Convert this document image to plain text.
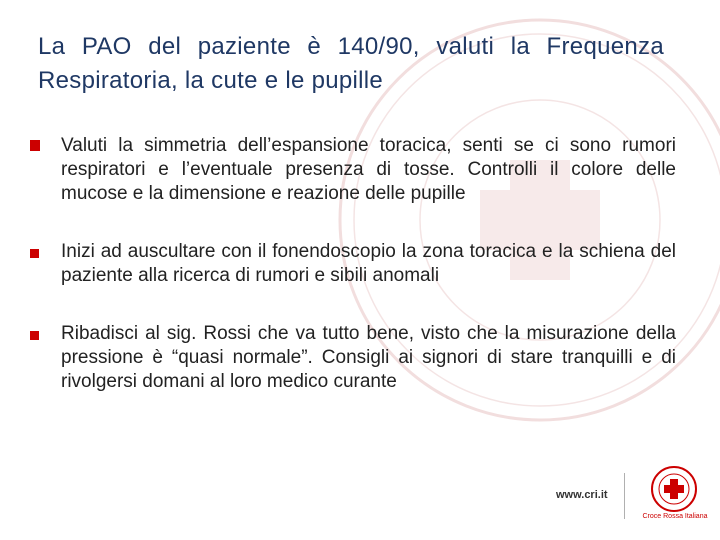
La PAO del paziente è 140/90, valuti la Frequenza Respiratoria, la cute e le pupille
Valuti la simmetria dell’espansione toracica, senti se ci sono rumori respiratori e l’eventuale presenza di tosse. Controlli il colore delle mucose e la dimensione e reazione delle pupille
Inizi ad auscultare con il fonendoscopio la zona toracica e la schiena del paziente alla ricerca di rumori e sibili anomali
Ribadisci al sig. Rossi che va tutto bene, visto che la misurazione della pressione è “quasi normale”. Consigli ai signori di stare tranquilli e di rivolgersi domani al loro medico curante
www.cri.it
Croce Rossa Italiana
